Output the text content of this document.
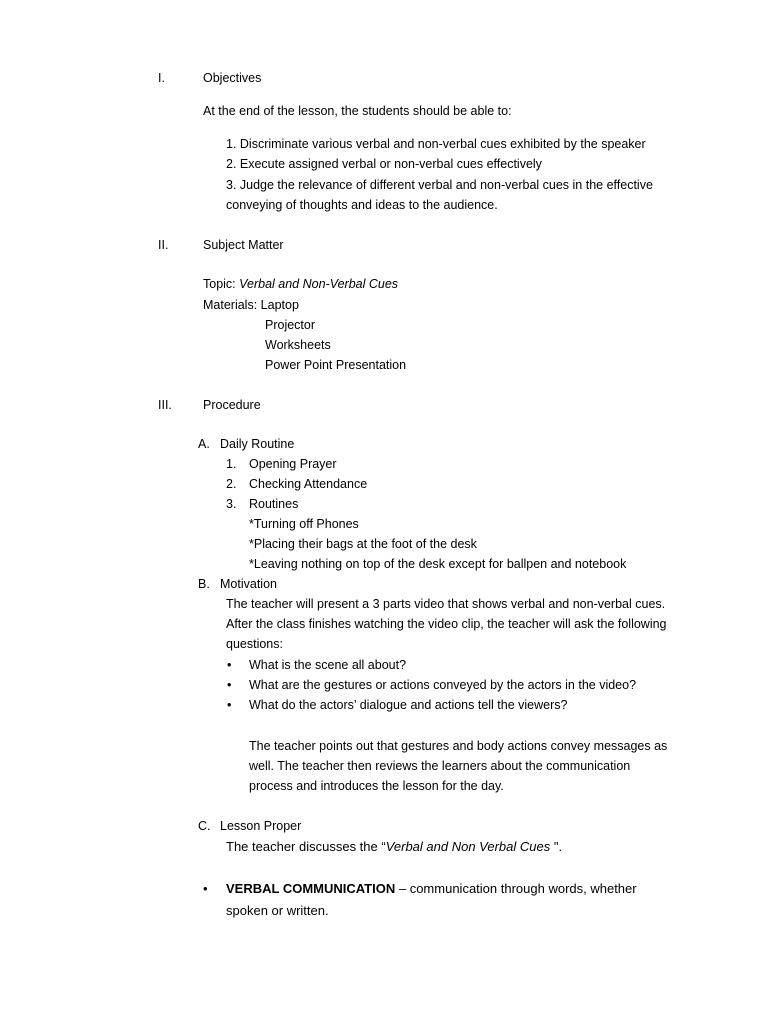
I.	Objectives
At the end of the lesson, the students should be able to:
1. Discriminate various verbal and non-verbal cues exhibited by the speaker
2. Execute assigned verbal or non-verbal cues effectively
3. Judge the relevance of different verbal and non-verbal cues in the effective
conveying of thoughts and ideas to the audience.
II.	Subject Matter
Topic: Verbal and Non-Verbal Cues
Materials: Laptop
Projector
Worksheets
Power Point Presentation
III. Procedure
A. Daily Routine
1. Opening Prayer
2. Checking Attendance
3. Routines
*Turning off Phones
*Placing their bags at the foot of the desk
*Leaving nothing on top of the desk except for ballpen and notebook
B. Motivation
The teacher will present a 3 parts video that shows verbal and non-verbal cues.
After the class finishes watching the video clip, the teacher will ask the following
questions:
• What is the scene all about?
• What are the gestures or actions conveyed by the actors in the video?
• What do the actors’ dialogue and actions tell the viewers?
The teacher points out that gestures and body actions convey messages as
well. The teacher then reviews the learners about the communication
process and introduces the lesson for the day.
C. Lesson Proper
The teacher discusses the “Verbal and Non Verbal Cues ".
• VERBAL COMMUNICATION – communication through words, whether
spoken or written.
